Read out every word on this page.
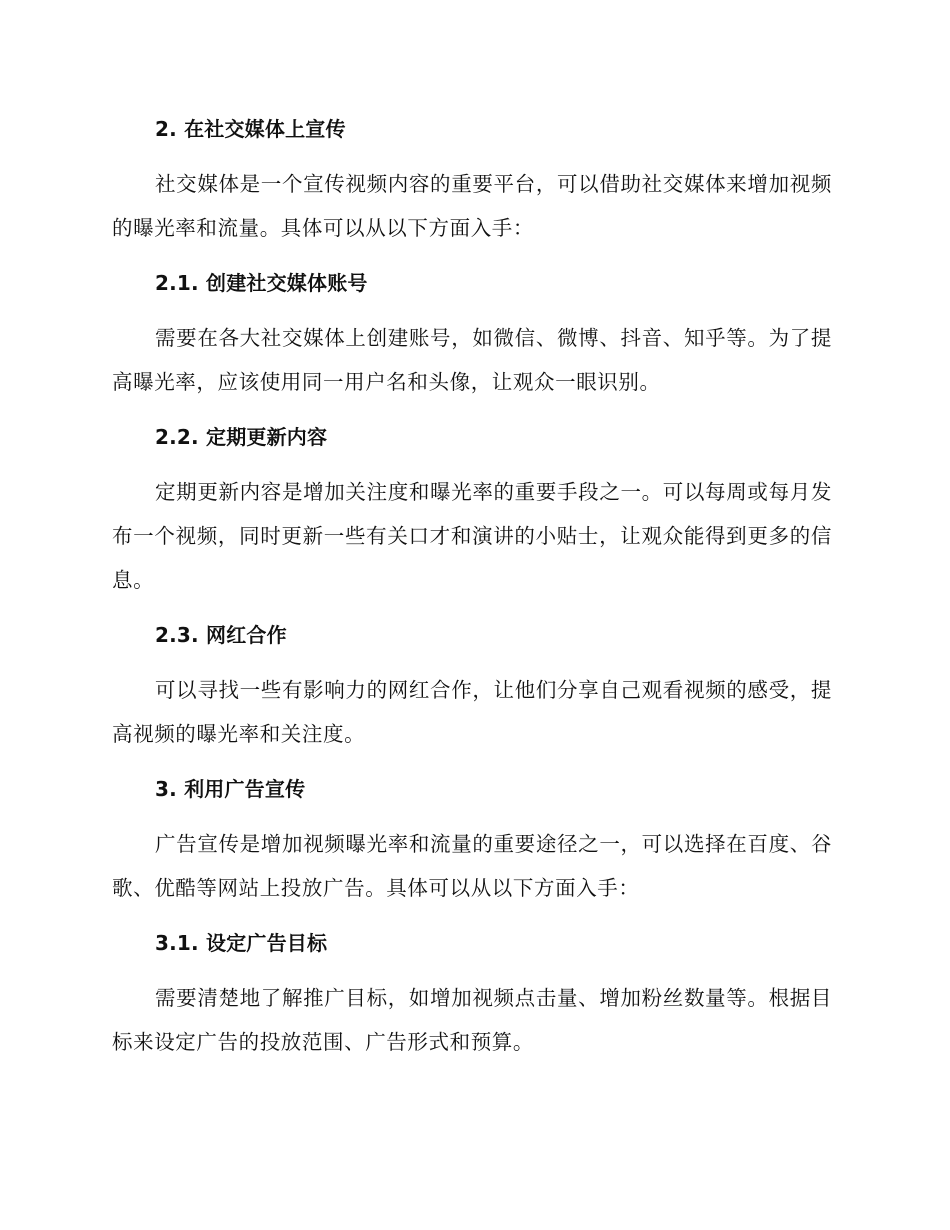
2. 在社交媒体上宣传

社交媒体是一个宣传视频内容的重要平台，可以借助社交媒体来增加视频的曝光率和流量。具体可以从以下方面入手：

2.1. 创建社交媒体账号

需要在各大社交媒体上创建账号，如微信、微博、抖音、知乎等。为了提高曝光率，应该使用同一用户名和头像，让观众一眼识别。

2.2. 定期更新内容

定期更新内容是增加关注度和曝光率的重要手段之一。可以每周或每月发布一个视频，同时更新一些有关口才和演讲的小贴士，让观众能得到更多的信息。

2.3. 网红合作

可以寻找一些有影响力的网红合作，让他们分享自己观看视频的感受，提高视频的曝光率和关注度。

3. 利用广告宣传

广告宣传是增加视频曝光率和流量的重要途径之一，可以选择在百度、谷歌、优酷等网站上投放广告。具体可以从以下方面入手：

3.1. 设定广告目标

需要清楚地了解推广目标，如增加视频点击量、增加粉丝数量等。根据目标来设定广告的投放范围、广告形式和预算。
